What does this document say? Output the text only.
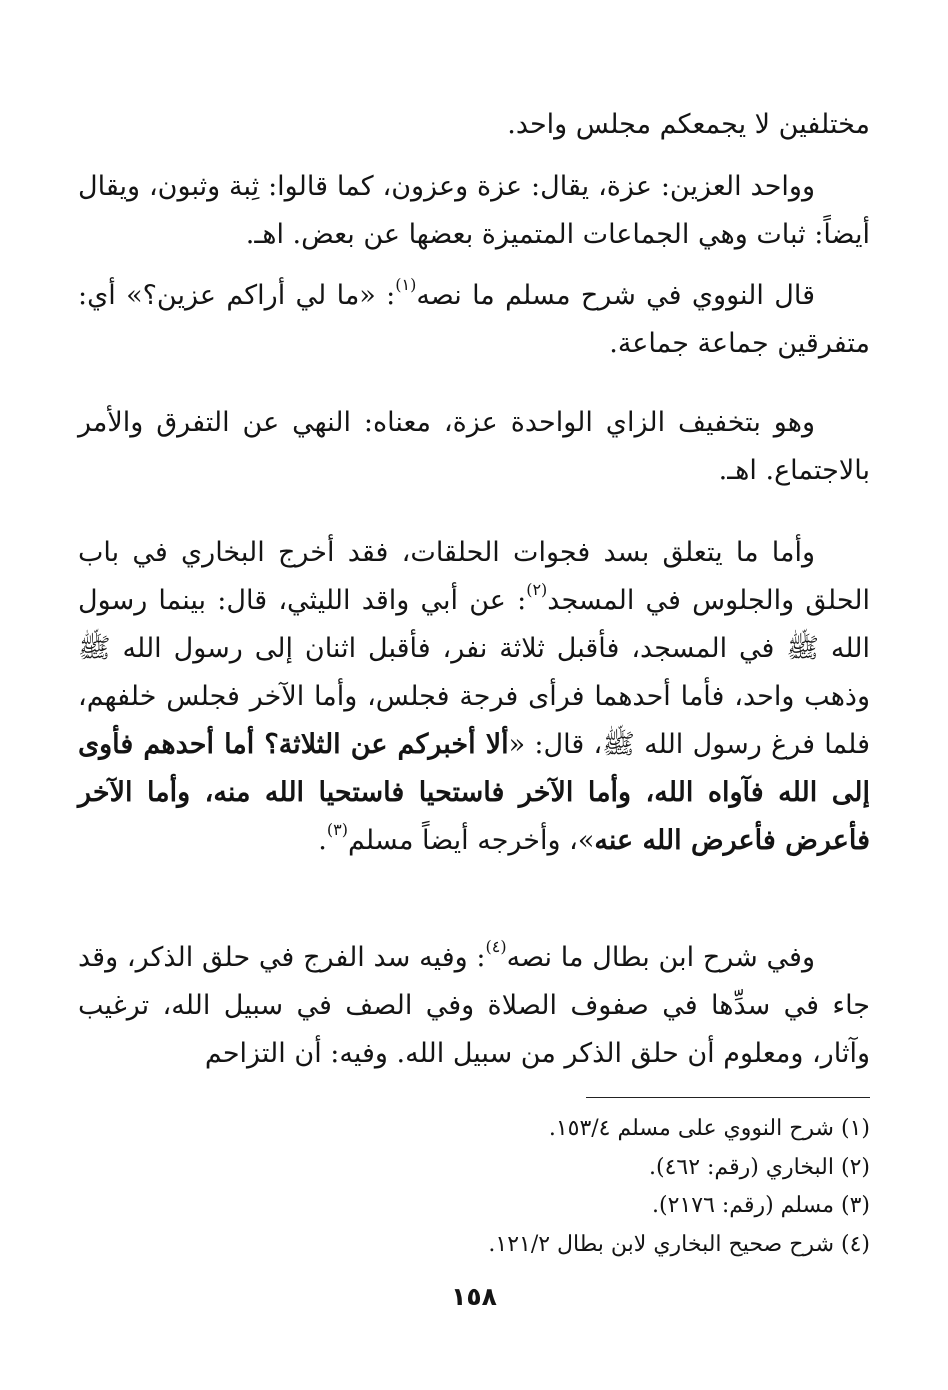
مختلفين لا يجمعكم مجلس واحد.
وواحد العزين: عزة، يقال: عزة وعزون، كما قالوا: ثِبة وثبون، ويقال أيضاً: ثبات وهي الجماعات المتميزة بعضها عن بعض. اهـ.
قال النووي في شرح مسلم ما نصه$^{(١)}$: «ما لي أراكم عزين؟» أي: متفرقين جماعة جماعة.
وهو بتخفيف الزاي الواحدة عزة، معناه: النهي عن التفرق والأمر بالاجتماع. اهـ.
وأما ما يتعلق بسد فجوات الحلقات، فقد أخرج البخاري في باب الحلق والجلوس في المسجد$^{(٢)}$: عن أبي واقد الليثي، قال: بينما رسول الله ﷺ في المسجد، فأقبل ثلاثة نفر، فأقبل اثنان إلى رسول الله ﷺ وذهب واحد، فأما أحدهما فرأى فرجة فجلس، وأما الآخر فجلس خلفهم، فلما فرغ رسول الله ﷺ، قال: «ألا أخبركم عن الثلاثة؟ أما أحدهم فأوى إلى الله فآواه الله، وأما الآخر فاستحيا فاستحيا الله منه، وأما الآخر فأعرض فأعرض الله عنه»، وأخرجه أيضاً مسلم$^{(٣)}$.
وفي شرح ابن بطال ما نصه$^{(٤)}$: وفيه سد الفرج في حلق الذكر، وقد جاء في سدِّها في صفوف الصلاة وفي الصف في سبيل الله، ترغيب وآثار، ومعلوم أن حلق الذكر من سبيل الله. وفيه: أن التزاحم
(١) شرح النووي على مسلم ١٥٣/٤.
(٢) البخاري (رقم: ٤٦٢).
(٣) مسلم (رقم: ٢١٧٦).
(٤) شرح صحيح البخاري لابن بطال ١٢١/٢.
١٥٨
